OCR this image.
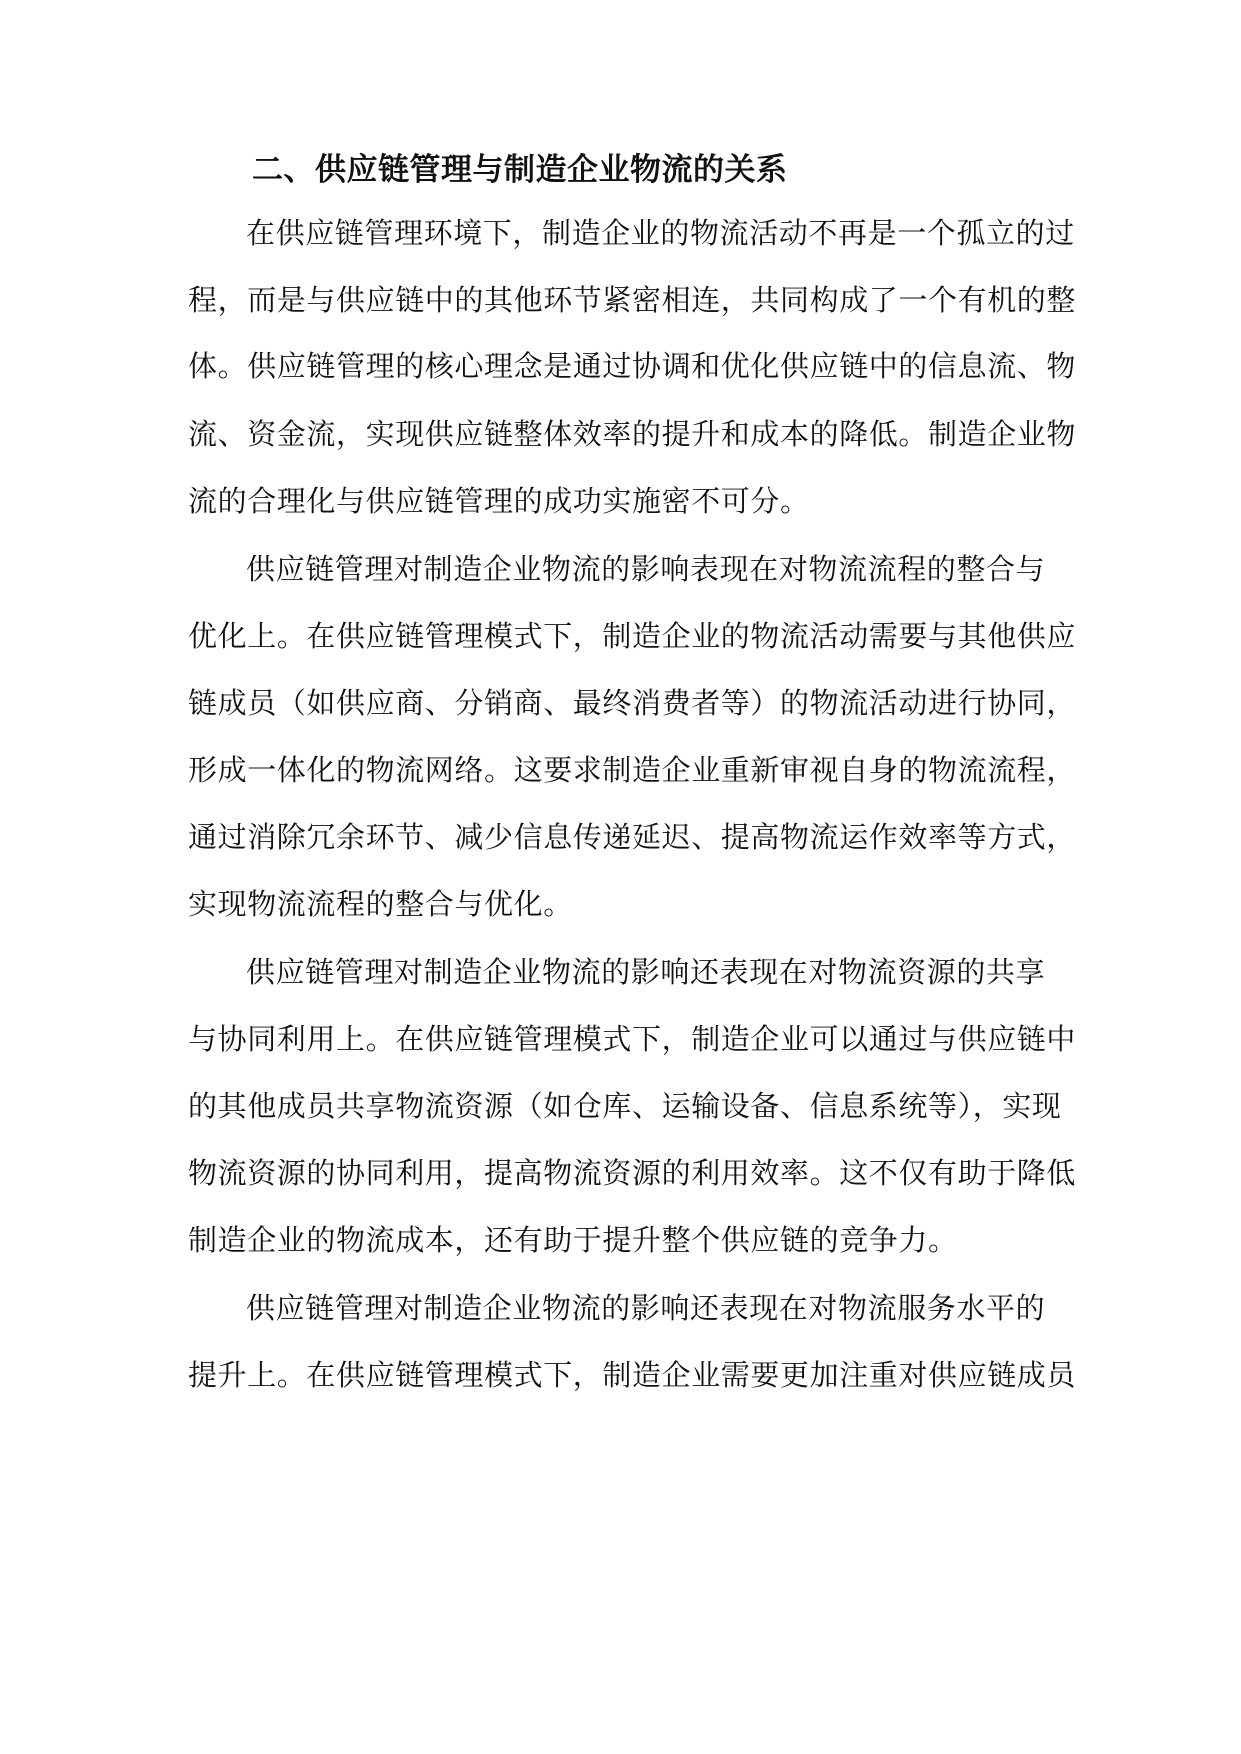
二、供应链管理与制造企业物流的关系

在供应链管理环境下，制造企业的物流活动不再是一个孤立的过

程，而是与供应链中的其他环节紧密相连，共同构成了一个有机的整

体。供应链管理的核心理念是通过协调和优化供应链中的信息流、物

流、资金流，实现供应链整体效率的提升和成本的降低。制造企业物

流的合理化与供应链管理的成功实施密不可分。

供应链管理对制造企业物流的影响表现在对物流流程的整合与

优化上。在供应链管理模式下，制造企业的物流活动需要与其他供应

链成员（如供应商、分销商、最终消费者等）的物流活动进行协同，

形成一体化的物流网络。这要求制造企业重新审视自身的物流流程，

通过消除冗余环节、减少信息传递延迟、提高物流运作效率等方式，

实现物流流程的整合与优化。

供应链管理对制造企业物流的影响还表现在对物流资源的共享

与协同利用上。在供应链管理模式下，制造企业可以通过与供应链中

的其他成员共享物流资源（如仓库、运输设备、信息系统等），实现

物流资源的协同利用，提高物流资源的利用效率。这不仅有助于降低

制造企业的物流成本，还有助于提升整个供应链的竞争力。

供应链管理对制造企业物流的影响还表现在对物流服务水平的

提升上。在供应链管理模式下，制造企业需要更加注重对供应链成员
